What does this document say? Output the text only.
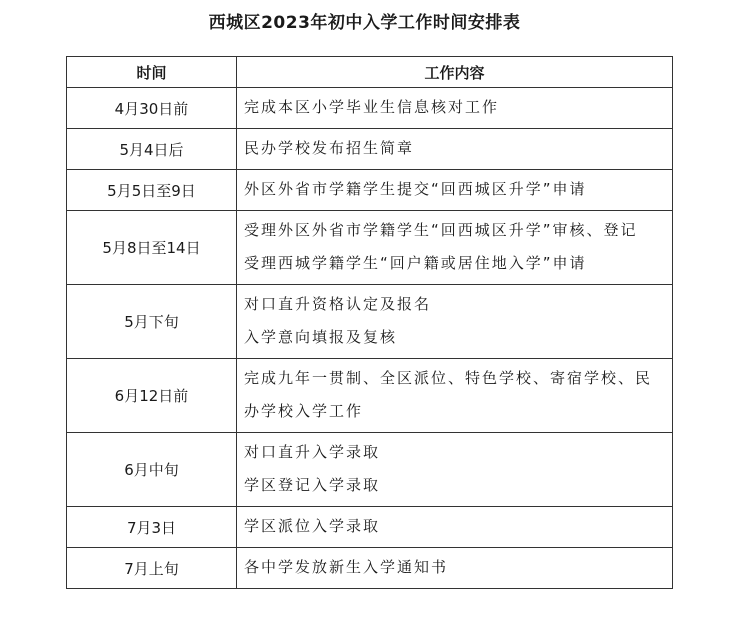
西城区2023年初中入学工作时间安排表
时间	工作内容
4月30日前	完成本区小学毕业生信息核对工作

5月4日后	民办学校发布招生简章

5月5日至9日	外区外省市学籍学生提交“回西城区升学”申请

5月8日至14日	受理外区外省市学籍学生“回西城区升学”审核、登记
受理西城学籍学生“回户籍或居住地入学”申请

5月下旬	对口直升资格认定及报名
入学意向填报及复核

6月12日前	完成九年一贯制、全区派位、特色学校、寄宿学校、民办学校入学工作

6月中旬	对口直升入学录取
学区登记入学录取

7月3日	学区派位入学录取

7月上旬	各中学发放新生入学通知书
